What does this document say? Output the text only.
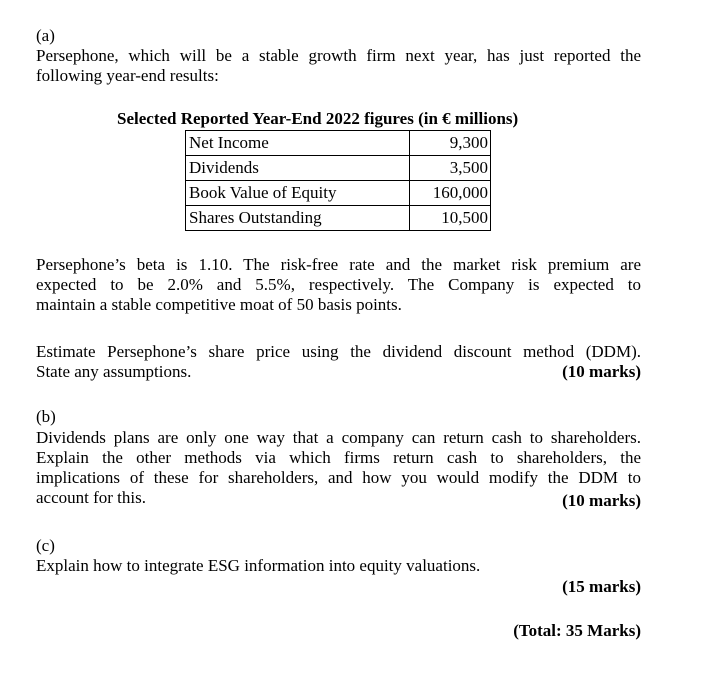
(a)
Persephone, which will be a stable growth firm next year, has just reported the
following year-end results:
Selected Reported Year-End 2022 figures (in € millions)
Net Income	9,300
Dividends	3,500
Book Value of Equity	160,000
Shares Outstanding	10,500
Persephone’s beta is 1.10. The risk-free rate and the market risk premium are
expected to be 2.0% and 5.5%, respectively. The Company is expected to
maintain a stable competitive moat of 50 basis points.
Estimate Persephone’s share price using the dividend discount method (DDM).
State any assumptions.	(10 marks)
(b)
Dividends plans are only one way that a company can return cash to shareholders.
Explain the other methods via which firms return cash to shareholders, the
implications of these for shareholders, and how you would modify the DDM to
account for this.	(10 marks)
(c)
Explain how to integrate ESG information into equity valuations.
(15 marks)
(Total: 35 Marks)
